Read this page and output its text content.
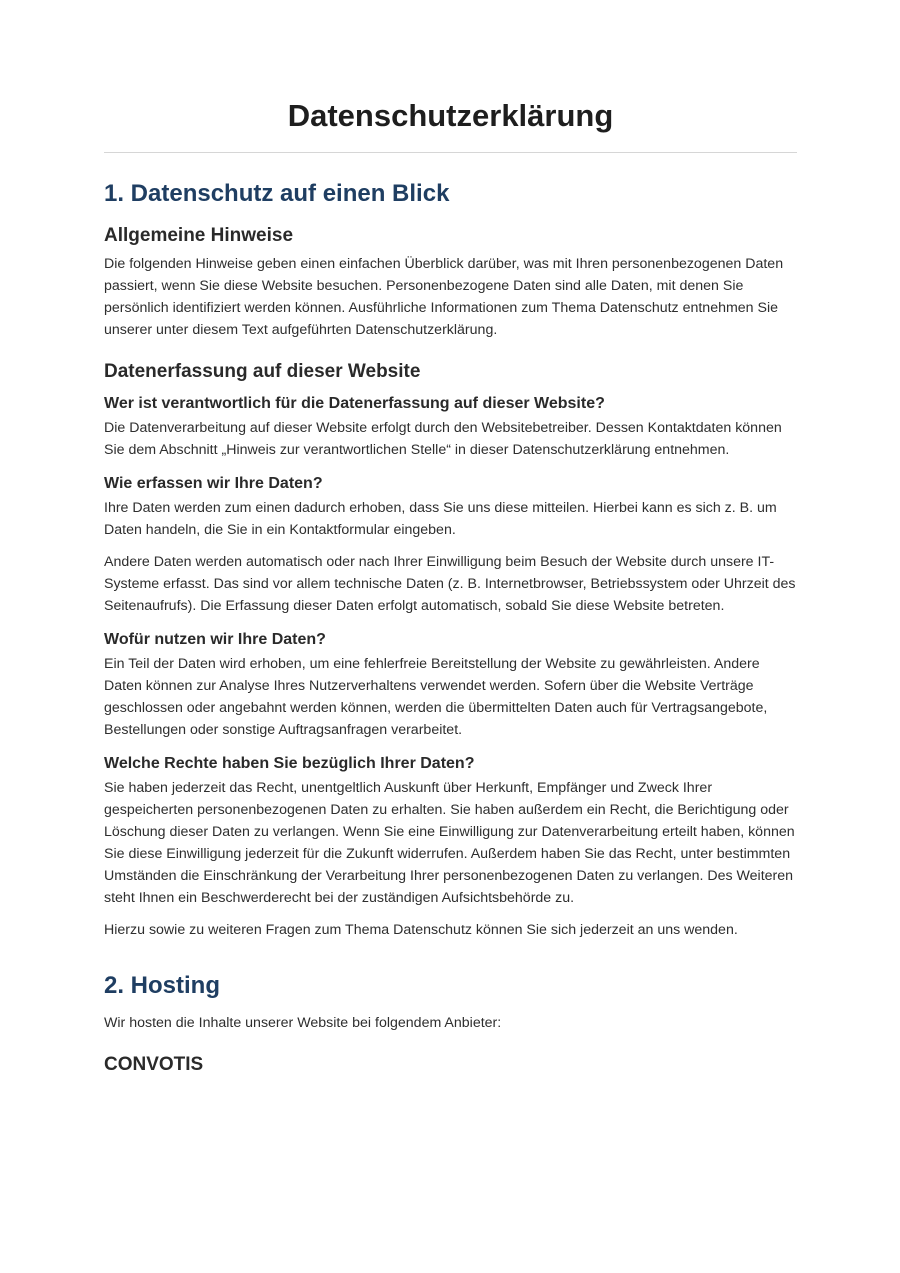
Datenschutzerklärung
1. Datenschutz auf einen Blick
Allgemeine Hinweise

Die folgenden Hinweise geben einen einfachen Überblick darüber, was mit Ihren personenbezogenen Daten passiert, wenn Sie diese Website besuchen. Personenbezogene Daten sind alle Daten, mit denen Sie persönlich identifiziert werden können. Ausführliche Informationen zum Thema Datenschutz entnehmen Sie unserer unter diesem Text aufgeführten Datenschutzerklärung.

Datenerfassung auf dieser Website
Wer ist verantwortlich für die Datenerfassung auf dieser Website?

Die Datenverarbeitung auf dieser Website erfolgt durch den Websitebetreiber. Dessen Kontaktdaten können Sie dem Abschnitt „Hinweis zur verantwortlichen Stelle“ in dieser Datenschutzerklärung entnehmen.

Wie erfassen wir Ihre Daten?

Ihre Daten werden zum einen dadurch erhoben, dass Sie uns diese mitteilen. Hierbei kann es sich z. B. um Daten handeln, die Sie in ein Kontaktformular eingeben.

Andere Daten werden automatisch oder nach Ihrer Einwilligung beim Besuch der Website durch unsere IT-Systeme erfasst. Das sind vor allem technische Daten (z. B. Internetbrowser, Betriebssystem oder Uhrzeit des Seitenaufrufs). Die Erfassung dieser Daten erfolgt automatisch, sobald Sie diese Website betreten.

Wofür nutzen wir Ihre Daten?

Ein Teil der Daten wird erhoben, um eine fehlerfreie Bereitstellung der Website zu gewährleisten. Andere Daten können zur Analyse Ihres Nutzerverhaltens verwendet werden. Sofern über die Website Verträge geschlossen oder angebahnt werden können, werden die übermittelten Daten auch für Vertragsangebote, Bestellungen oder sonstige Auftragsanfragen verarbeitet.

Welche Rechte haben Sie bezüglich Ihrer Daten?

Sie haben jederzeit das Recht, unentgeltlich Auskunft über Herkunft, Empfänger und Zweck Ihrer gespeicherten personenbezogenen Daten zu erhalten. Sie haben außerdem ein Recht, die Berichtigung oder Löschung dieser Daten zu verlangen. Wenn Sie eine Einwilligung zur Datenverarbeitung erteilt haben, können Sie diese Einwilligung jederzeit für die Zukunft widerrufen. Außerdem haben Sie das Recht, unter bestimmten Umständen die Einschränkung der Verarbeitung Ihrer personenbezogenen Daten zu verlangen. Des Weiteren steht Ihnen ein Beschwerderecht bei der zuständigen Aufsichtsbehörde zu.

Hierzu sowie zu weiteren Fragen zum Thema Datenschutz können Sie sich jederzeit an uns wenden.

2. Hosting

Wir hosten die Inhalte unserer Website bei folgendem Anbieter:

CONVOTIS
